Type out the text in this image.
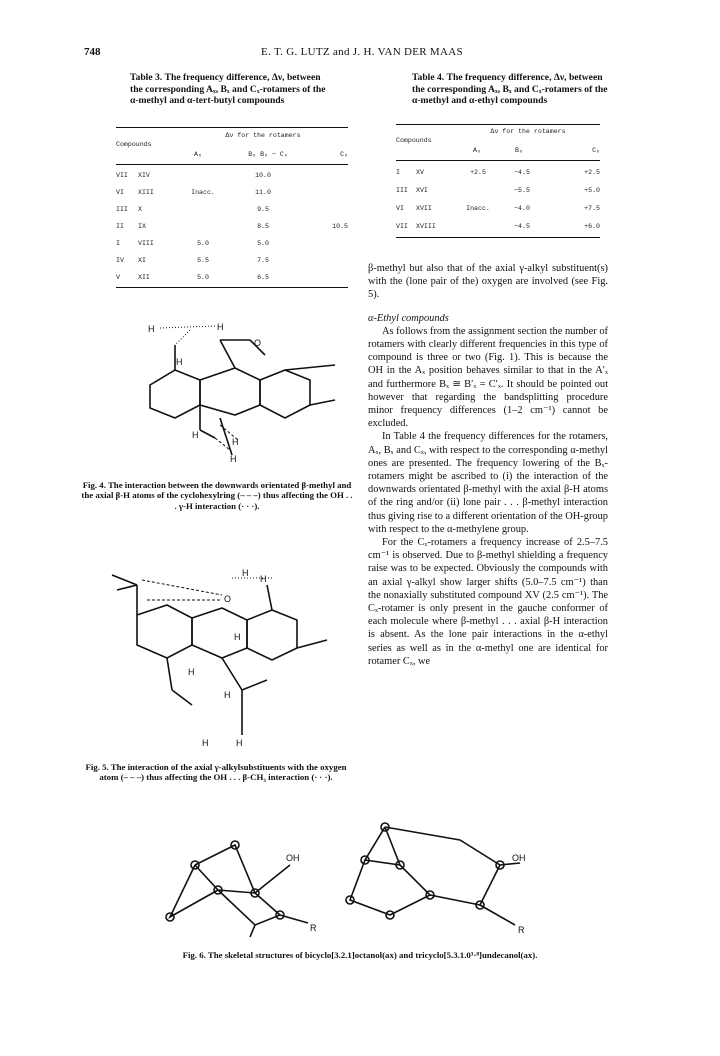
748	E. T. G. LUTZ and J. H. VAN DER MAAS
Table 3. The frequency difference, Δν, between the corresponding Aₓ, Bₓ and Cₓ-rotamers of the α-methyl and α-tert-butyl compounds
	Δν for the rotamers			
Compounds				
	Aₓ	Bₓ Bₓ − Cₓ		Cₓ
VII	XIV		10.0	
VI	XIII	Inacc.	11.0	
III	X		9.5	
II	IX		8.5	10.5
I	VIII	5.0	5.0	
IV	XI	5.5	7.5	
V	XII	5.0	6.5	
Table 4. The frequency difference, Δν, between the corresponding Aₓ, Bₓ and Cₓ-rotamers of the α-methyl and α-ethyl compounds
	Δν for the rotamers		
Compounds			
	Aₓ	Bₓ	Cₓ
I	XV	+2.5	−4.5	+2.5
III	XVI		−5.5	+5.0
VI	XVII	Inacc.	−4.0	+7.5
VII	XVIII		−4.5	+6.0

β-methyl but also that of the axial γ-alkyl substituent(s) with the (lone pair of the) oxygen are involved (see Fig. 5).

α-Ethyl compounds

As follows from the assignment section the number of rotamers with clearly different frequencies in this type of compound is three or two (Fig. 1). This is because the OH in the Aₓ position behaves similar to that in the A′ₓ and furthermore Bₓ ≅ B′ₓ = C′ₓ. It should be pointed out however that regarding the bandsplitting procedure minor frequency differences (1–2 cm⁻¹) cannot be excluded.

In Table 4 the frequency differences for the rotamers, Aₓ, Bₓ and Cₓ, with respect to the corresponding α-methyl ones are presented. The frequency lowering of the Bₓ-rotamers might be ascribed to (i) the interaction of the downwards orientated β-methyl with the axial β-H atoms of the ring and/or (ii) lone pair . . . β-methyl interaction thus giving rise to a different orientation of the OH-group with respect to the α-methylene group.

For the Cₓ-rotamers a frequency increase of 2.5–7.5 cm⁻¹ is observed. Due to β-methyl shielding a frequency raise was to be expected. Obviously the compounds with an axial γ-alkyl show larger shifts (5.0–7.5 cm⁻¹) than the nonaxially substituted compound XV (2.5 cm⁻¹). The Cₓ-rotamer is only present in the gauche conformer of each molecule where β-methyl . . . axial β-H interaction is absent. As the lone pair interactions in the α-ethyl series as well as in the α-methyl one are identical for rotamer Cₓ, we

H	H
O
H
H
H
H
Fig. 4. The interaction between the downwards orientated β-methyl and the axial β-H atoms of the cyclohexylring (– – –) thus affecting the OH . . . γ-H interaction (· · ·).
O
H
H
H
H
H
H
H
Fig. 5. The interaction of the axial γ-alkylsubstituents with the oxygen atom (– – –) thus affecting the OH . . . β-CH₃ interaction (· · ·).
OH
R
OH
R
Fig. 6. The skeletal structures of bicyclo[3.2.1]octanol(ax) and tricyclo[5.3.1.0³·⁸]undecanol(ax).
